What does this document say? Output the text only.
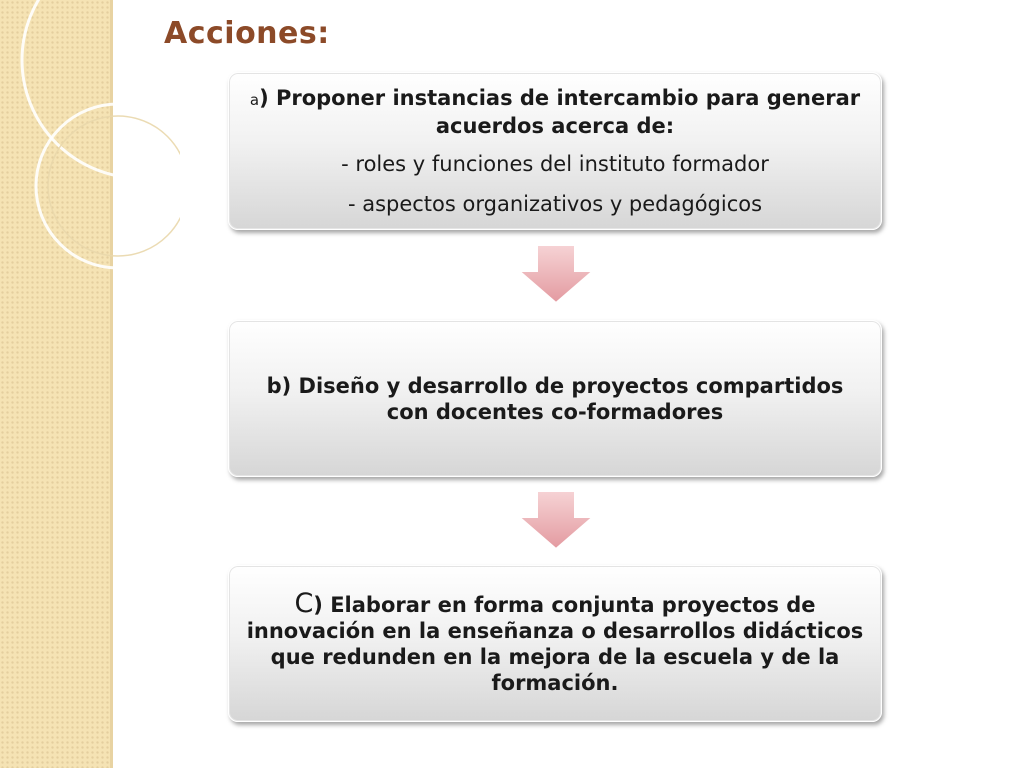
Acciones:
a) Proponer instancias de intercambio para generar acuerdos acerca de:
- roles y funciones del instituto formador
- aspectos organizativos y pedagógicos
b) Diseño y desarrollo de proyectos compartidos con docentes co-formadores
C) Elaborar en forma conjunta proyectos de innovación en la enseñanza o desarrollos didácticos que redunden en la mejora de la escuela y de la formación.
